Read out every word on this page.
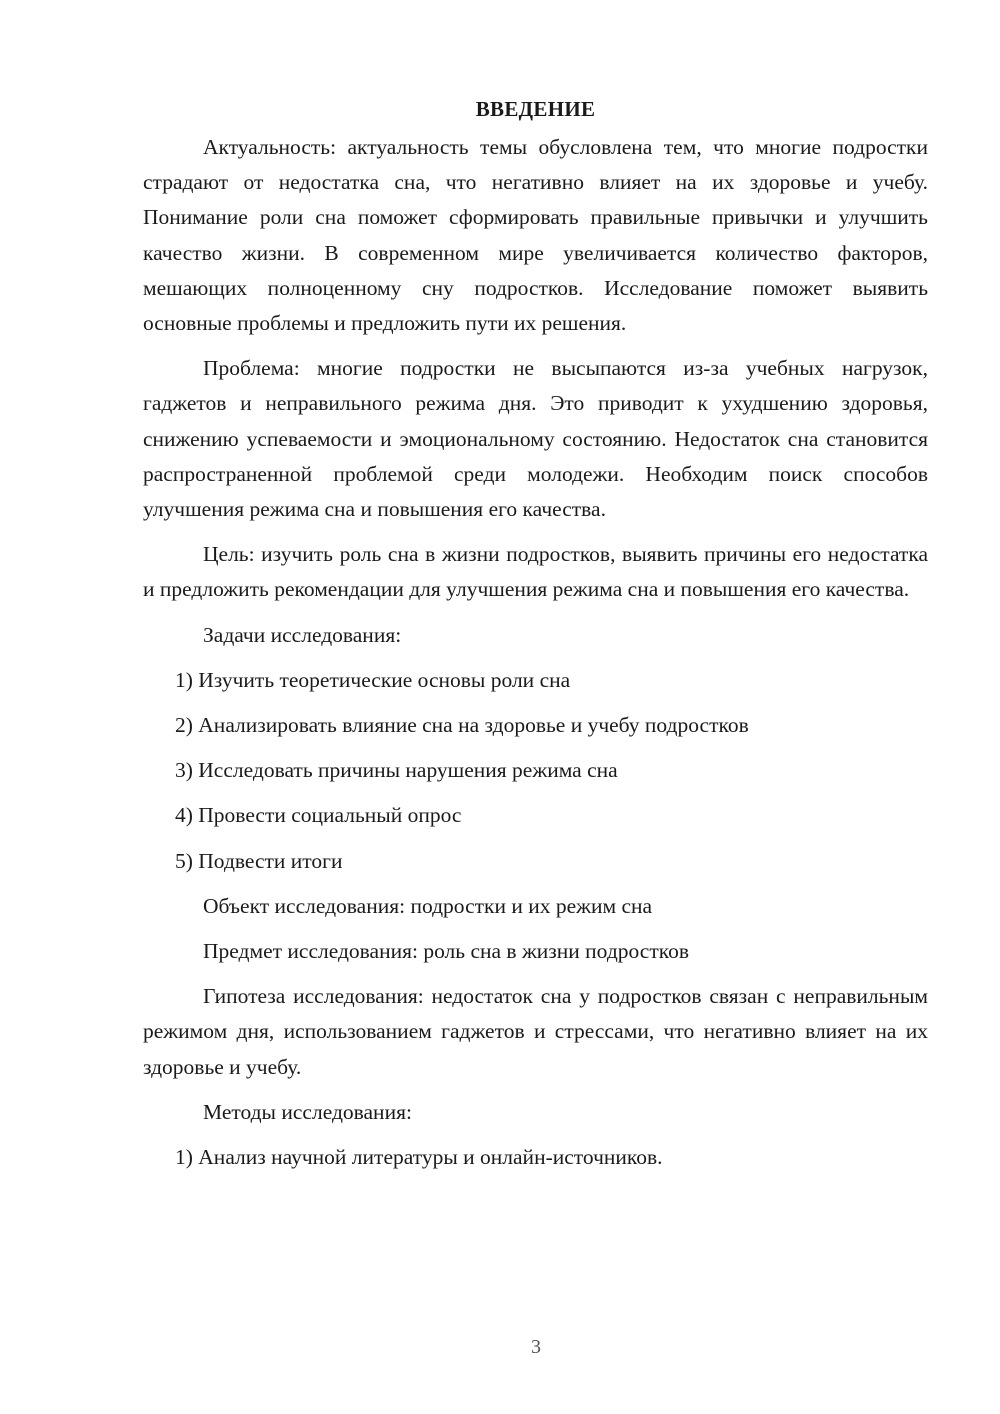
ВВЕДЕНИЕ

Актуальность: актуальность темы обусловлена тем, что многие подростки страдают от недостатка сна, что негативно влияет на их здоровье и учебу. Понимание роли сна поможет сформировать правильные привычки и улучшить качество жизни. В современном мире увеличивается количество факторов, мешающих полноценному сну подростков. Исследование поможет выявить основные проблемы и предложить пути их решения.

Проблема: многие подростки не высыпаются из-за учебных нагрузок, гаджетов и неправильного режима дня. Это приводит к ухудшению здоровья, снижению успеваемости и эмоциональному состоянию. Недостаток сна становится распространенной проблемой среди молодежи. Необходим поиск способов улучшения режима сна и повышения его качества.

Цель: изучить роль сна в жизни подростков, выявить причины его недостатка и предложить рекомендации для улучшения режима сна и повышения его качества.

Задачи исследования:

1) Изучить теоретические основы роли сна

2) Анализировать влияние сна на здоровье и учебу подростков

3) Исследовать причины нарушения режима сна

4) Провести социальный опрос

5) Подвести итоги

Объект исследования: подростки и их режим сна

Предмет исследования: роль сна в жизни подростков

Гипотеза исследования: недостаток сна у подростков связан с неправильным режимом дня, использованием гаджетов и стрессами, что негативно влияет на их здоровье и учебу.

Методы исследования:

1) Анализ научной литературы и онлайн-источников.

3
